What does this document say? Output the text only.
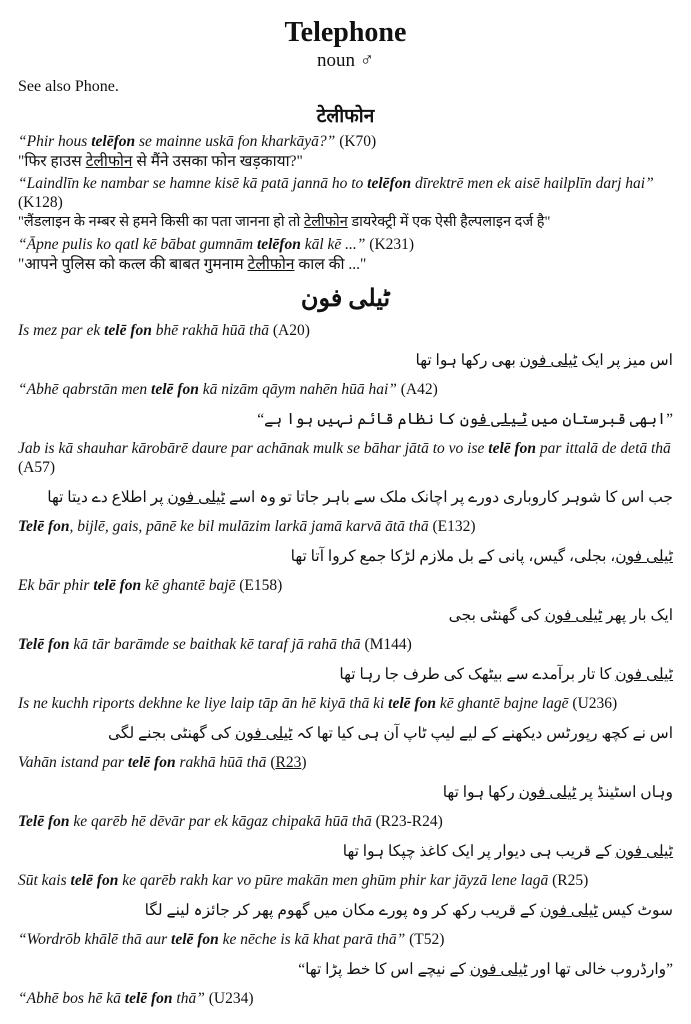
Telephone
noun ♂
See also Phone.
टेलीफोन
“Phir hous telēfon se mainne uskā fon kharkāyā?” (K70)
"फिर हाउस टेलीफोन से मैंने उसका फोन खड़काया?"
“Laindlīn ke nambar se hamne kisē kā patā jannā ho to telēfon dīrektrē men ek aisē hailplīn darj hai” (K128)
"लैंडलाइन के नम्बर से हमने किसी का पता जानना हो तो टेलीफोन डायरेक्ट्री में एक ऐसी हैल्पलाइन दर्ज है"
“Āpne pulis ko qatl kē bābat gumnām telēfon kāl kē ...” (K231)
"आपने पुलिस को कत्ल की बाबत गुमनाम टेलीफोन काल की ..."
ٹیلی فون
Is mez par ek telē fon bhē rakhā hūā thā (A20)
اس میز پر ایک ٹیلی فون بھی رکھا ہوا تھا
“Abhē qabrstān men telē fon kā nizām qāym nahēn hūā hai” (A42)
”ابھی قبرستان میں ٹیلی فون کا نظام قائم نہیں ہوا ہے“
Jab is kā shauhar kārobārē daure par achānak mulk se bāhar jātā to vo ise telē fon par ittalā de detā thā (A57)
جب اس کا شوہر کاروباری دورے پر اچانک ملک سے باہر جاتا تو وہ اسے ٹیلی فون پر اطلاع دے دیتا تھا
Telē fon, bijlē, gais, pānē ke bil mulāzim larkā jamā karvā ātā thā (E132)
ٹیلی فون، بجلی، گیس، پانی کے بل ملازم لڑکا جمع کروا آتا تھا
Ek bār phir telē fon kē ghantē bajē (E158)
ایک بار پھر ٹیلی فون کی گھنٹی بجی
Telē fon kā tār barāmde se baithak kē taraf jā rahā thā (M144)
ٹیلی فون کا تار برآمدے سے بیٹھک کی طرف جا رہا تھا
Is ne kuchh riports dekhne ke liye laip tāp ān hē kiyā thā ki telē fon kē ghantē bajne lagē (U236)
اس نے کچھ رپورٹس دیکھنے کے لیے لیپ ٹاپ آن ہی کیا تھا کہ ٹیلی فون کی گھنٹی بجنے لگی
Vahān istand par telē fon rakhā hūā thā (R23)
وہاں اسٹینڈ پر ٹیلی فون رکھا ہوا تھا
Telē fon ke qarēb hē dēvār par ek kāgaz chipakā hūā thā (R23-R24)
ٹیلی فون کے قریب ہی دیوار پر ایک کاغذ چپکا ہوا تھا
Sūt kais telē fon ke qarēb rakh kar vo pūre makān men ghūm phir kar jāyzā lene lagā (R25)
سوٹ کیس ٹیلی فون کے قریب رکھ کر وہ پورے مکان میں گھوم پھر کر جائزہ لینے لگا
“Wordrōb khālē thā aur telē fon ke nēche is kā khat parā thā” (T52)
”وارڈروب خالی تھا اور ٹیلی فون کے نیچے اس کا خط پڑا تھا“
“Abhē bos hē kā telē fon thā” (U234)
